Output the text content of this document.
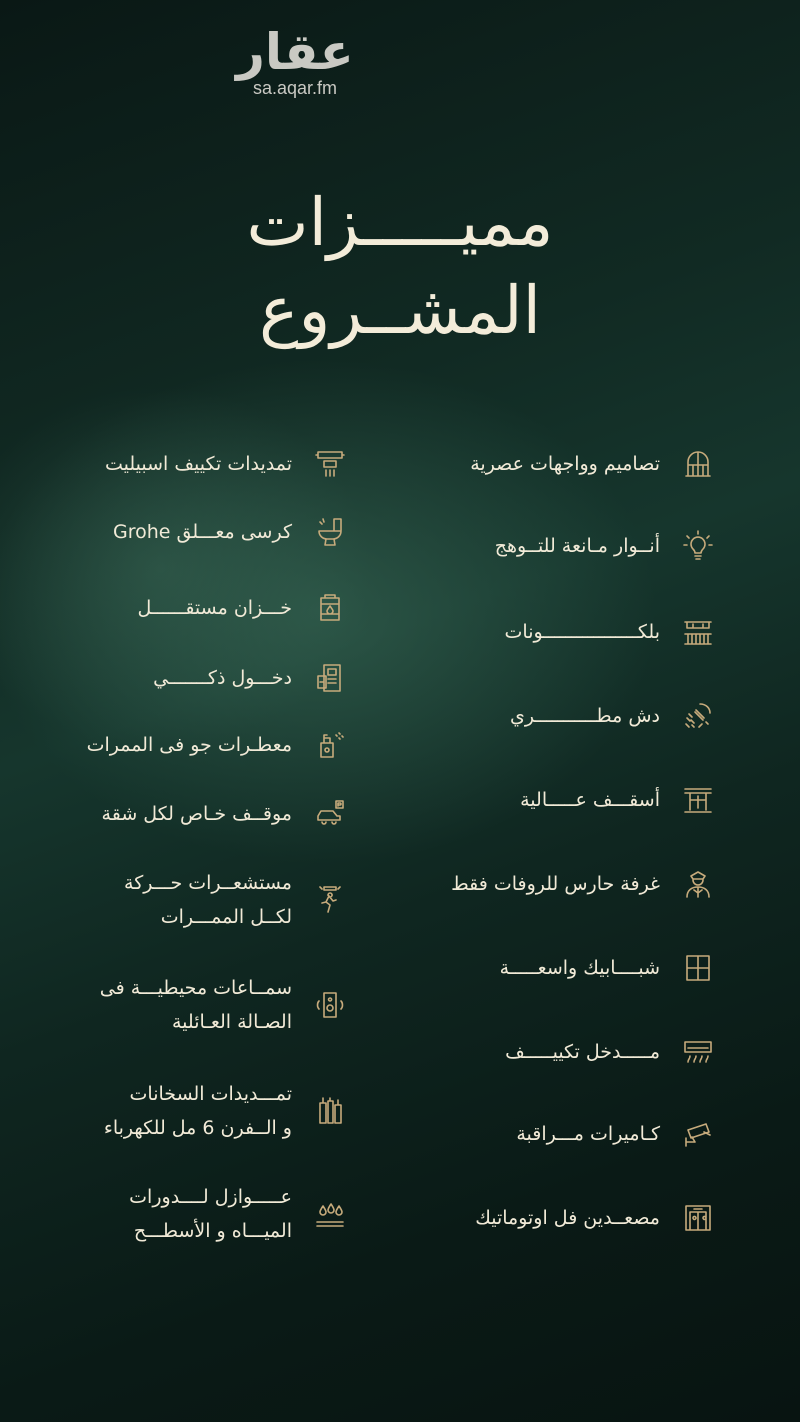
عقار
sa.aqar.fm
مميـــــزات
المشــروع
تصاميم وواجهات عصرية
أنــوار مـانعة للتــوهج
بلكـــــــــــــــــونات
دش مطـــــــــــري
أسقـــف عـــــالية
غرفة حارس للروفات فقط
شبــــابيك واسعـــــة
مـــــدخل تكييـــــف
كـاميرات مـــراقبة
مصعــدين فل اوتوماتيك
تمديدات تكييف اسبيليت
كرسى معـــلق Grohe
خـــزان مستقــــــل
دخـــول ذكـــــــي
معطـرات جو فى الممرات
موقــف خـاص لكل شقة
مستشعــرات حـــركة
لكــل الممـــرات
سمــاعات محيطيـــة فى
الصـالة العـائلية
تمـــديدات السخانات
و الــفرن 6 مل للكهرباء
عـــــوازل لــــدورات
الميـــاه و الأسطـــح
